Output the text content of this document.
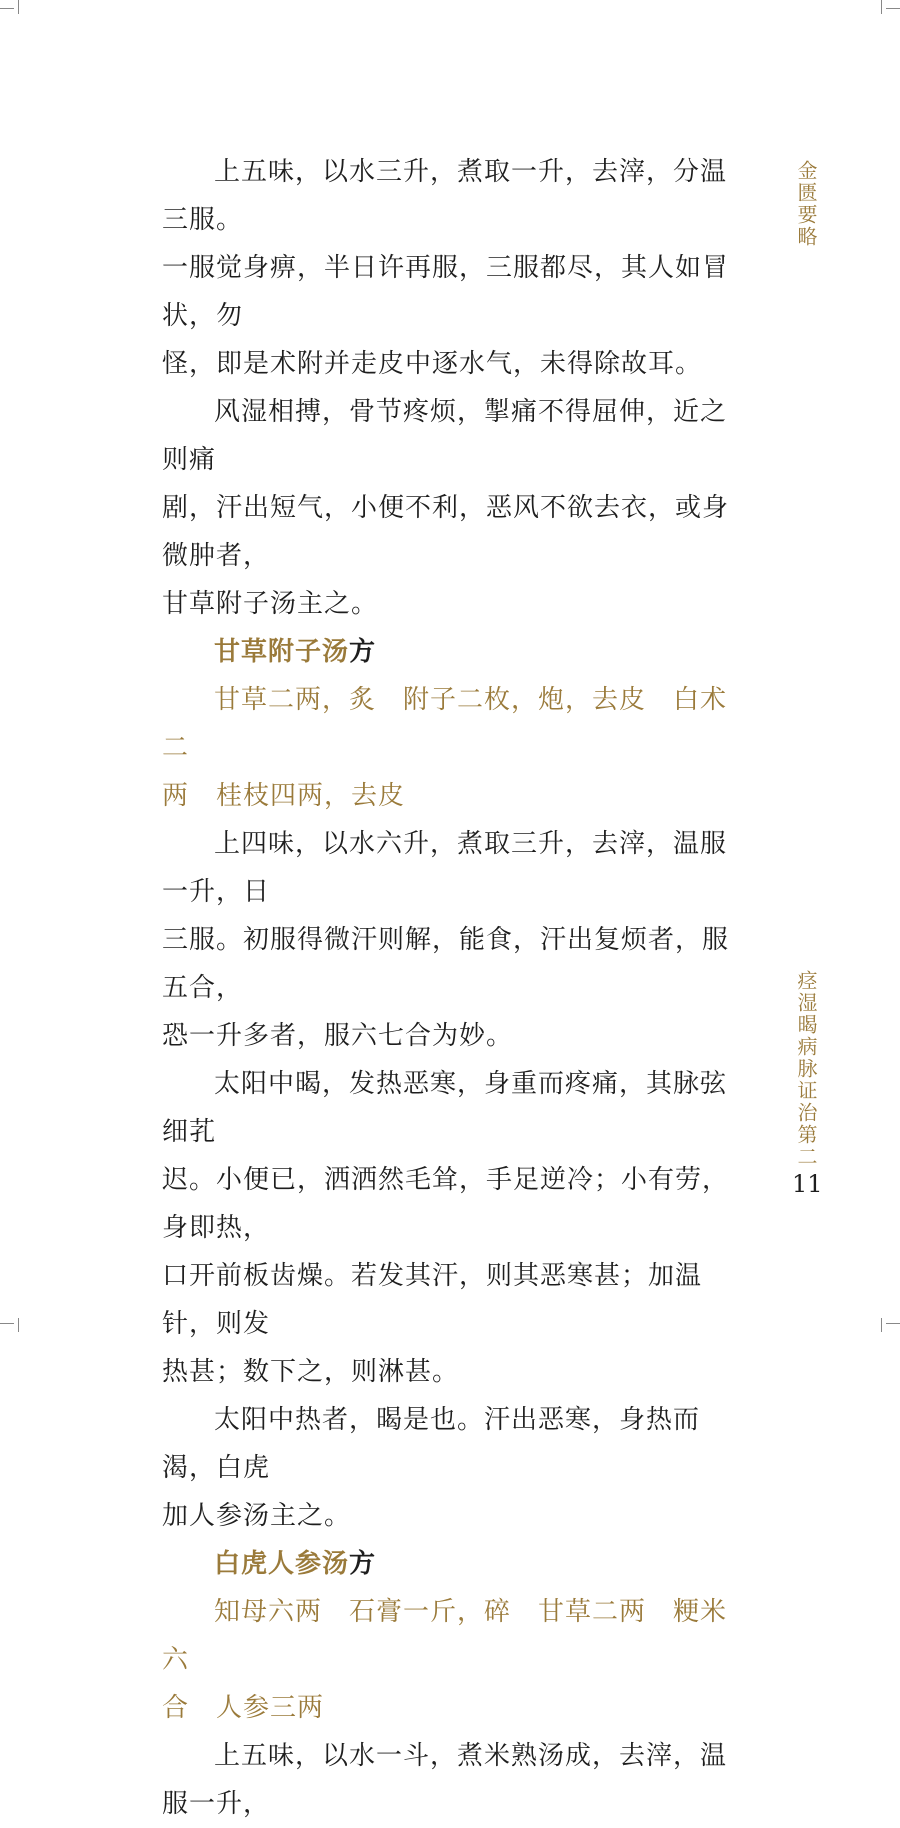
上五味，以水三升，煮取一升，去滓，分温三服。
一服觉身痹，半日许再服，三服都尽，其人如冒状，勿
怪，即是术附并走皮中逐水气，未得除故耳。

风湿相搏，骨节疼烦，掣痛不得屈伸，近之则痛
剧，汗出短气，小便不利，恶风不欲去衣，或身微肿者，
甘草附子汤主之。

甘草附子汤方

甘草二两，炙　附子二枚，炮，去皮　白术二
两　桂枝四两，去皮

上四味，以水六升，煮取三升，去滓，温服一升，日
三服。初服得微汗则解，能食，汗出复烦者，服五合，
恐一升多者，服六七合为妙。

太阳中暍，发热恶寒，身重而疼痛，其脉弦细芤
迟。小便已，洒洒然毛耸，手足逆冷；小有劳，身即热，
口开前板齿燥。若发其汗，则其恶寒甚；加温针，则发
热甚；数下之，则淋甚。

太阳中热者，暍是也。汗出恶寒，身热而渴，白虎
加人参汤主之。

白虎人参汤方

知母六两　石膏一斤，碎　甘草二两　粳米六
合　人参三两

上五味，以水一斗，煮米熟汤成，去滓，温服一升，

金匮要略
痉湿暍病脉证治第二
11
